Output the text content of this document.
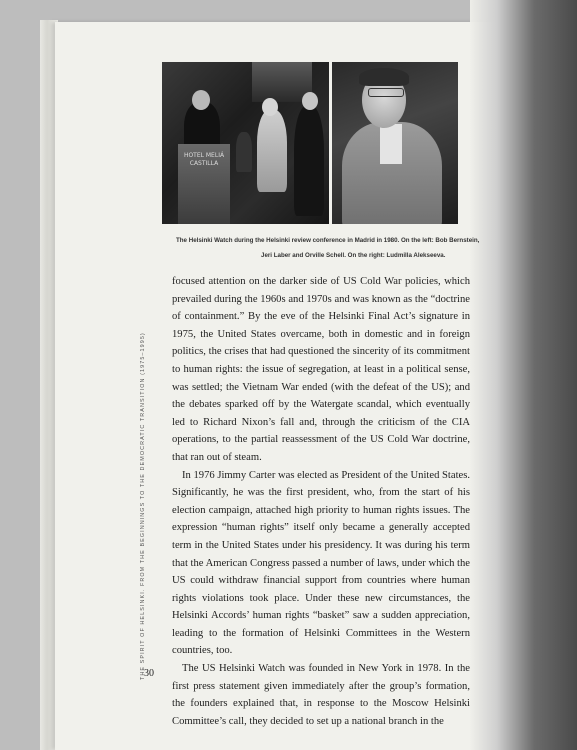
HOTEL MELIÁ CASTILLA
The Helsinki Watch during the Helsinki review conference in Madrid in 1980. On the left: Bob Bernstein,
Jeri Laber and Orville Schell. On the right: Ludmilla Alekseeva.

focused attention on the darker side of US Cold War policies, which prevailed during the 1960s and 1970s and was known as the “doctrine of containment.” By the eve of the Helsinki Final Act’s signature in 1975, the United States overcame, both in domestic and in foreign politics, the crises that had questioned the sincerity of its commitment to human rights: the issue of segregation, at least in a political sense, was settled; the Vietnam War ended (with the defeat of the US); and the debates sparked off by the Watergate scandal, which eventually led to Richard Nixon’s fall and, through the criticism of the CIA operations, to the partial reassessment of the US Cold War doctrine, that ran out of steam.

In 1976 Jimmy Carter was elected as President of the United States. Significantly, he was the first president, who, from the start of his election campaign, attached high priority to human rights issues. The expression “human rights” itself only became a generally accepted term in the United States under his presidency. It was during his term that the American Congress passed a number of laws, under which the US could withdraw financial support from countries where human rights violations took place. Under these new circumstances, the Helsinki Accords’ human rights “basket” saw a sudden appreciation, leading to the formation of Helsinki Committees in the Western countries, too.

The US Helsinki Watch was founded in New York in 1978. In the first press statement given immediately after the group’s formation, the founders explained that, in response to the Moscow Helsinki Committee’s call, they decided to set up a national branch in the

THE SPIRIT OF HELSINKI. FROM THE BEGINNINGS TO THE DEMOCRATIC TRANSITION (1975–1995)
30
